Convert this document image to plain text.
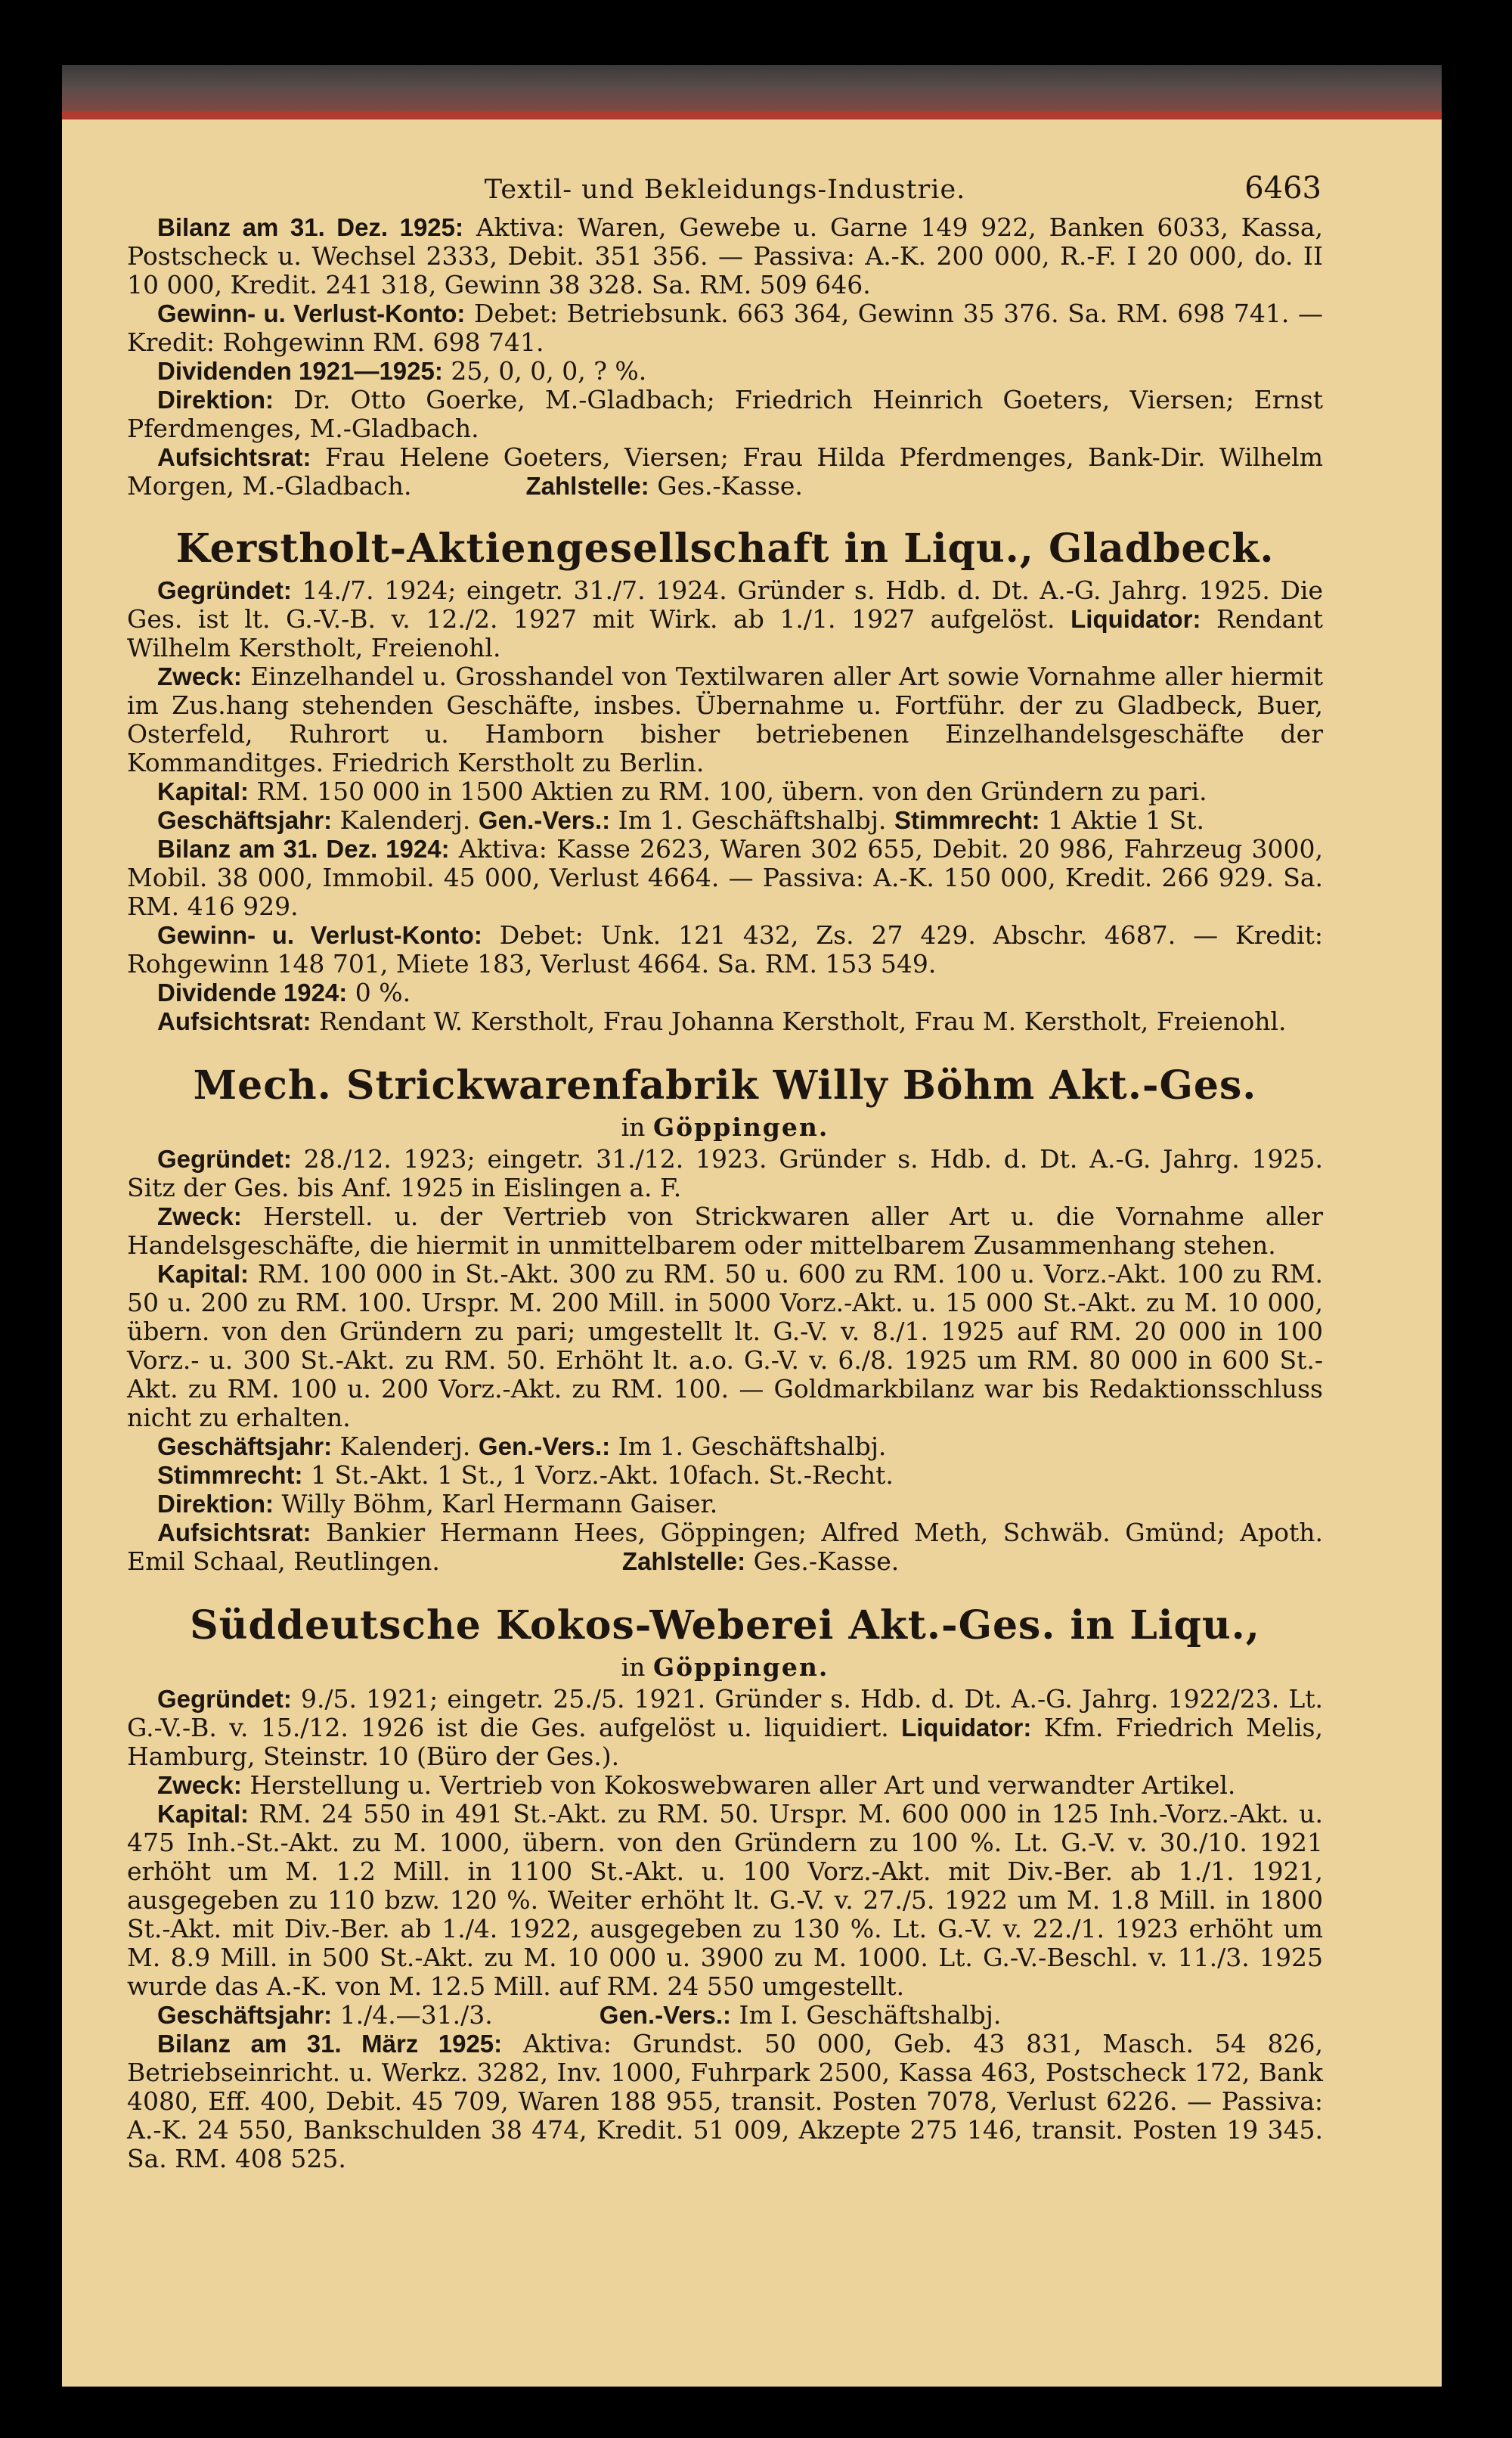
Textil- und Bekleidungs-Industrie.	6463

Bilanz am 31. Dez. 1925: Aktiva: Waren, Gewebe u. Garne 149 922, Banken 6033, Kassa, Postscheck u. Wechsel 2333, Debit. 351 356. — Passiva: A.-K. 200 000, R.-F. I 20 000, do. II 10 000, Kredit. 241 318, Gewinn 38 328. Sa. RM. 509 646.

Gewinn- u. Verlust-Konto: Debet: Betriebsunk. 663 364, Gewinn 35 376. Sa. RM. 698 741. — Kredit: Rohgewinn RM. 698 741.

Dividenden 1921—1925: 25, 0, 0, 0, ? %.

Direktion: Dr. Otto Goerke, M.-Gladbach; Friedrich Heinrich Goeters, Viersen; Ernst Pferdmenges, M.-Gladbach.

Aufsichtsrat: Frau Helene Goeters, Viersen; Frau Hilda Pferdmenges, Bank-Dir. Wilhelm Morgen, M.-Gladbach.	Zahlstelle: Ges.-Kasse.

Kerstholt-Aktiengesellschaft in Liqu., Gladbeck.

Gegründet: 14./7. 1924; eingetr. 31./7. 1924. Gründer s. Hdb. d. Dt. A.-G. Jahrg. 1925. Die Ges. ist lt. G.-V.-B. v. 12./2. 1927 mit Wirk. ab 1./1. 1927 aufgelöst. Liquidator: Rendant Wilhelm Kerstholt, Freienohl.

Zweck: Einzelhandel u. Grosshandel von Textilwaren aller Art sowie Vornahme aller hiermit im Zus.hang stehenden Geschäfte, insbes. Übernahme u. Fortführ. der zu Gladbeck, Buer, Osterfeld, Ruhrort u. Hamborn bisher betriebenen Einzelhandelsgeschäfte der Kommanditges. Friedrich Kerstholt zu Berlin.

Kapital: RM. 150 000 in 1500 Aktien zu RM. 100, übern. von den Gründern zu pari.

Geschäftsjahr: Kalenderj. Gen.-Vers.: Im 1. Geschäftshalbj. Stimmrecht: 1 Aktie 1 St.

Bilanz am 31. Dez. 1924: Aktiva: Kasse 2623, Waren 302 655, Debit. 20 986, Fahrzeug 3000, Mobil. 38 000, Immobil. 45 000, Verlust 4664. — Passiva: A.-K. 150 000, Kredit. 266 929. Sa. RM. 416 929.

Gewinn- u. Verlust-Konto: Debet: Unk. 121 432, Zs. 27 429. Abschr. 4687. — Kredit: Rohgewinn 148 701, Miete 183, Verlust 4664. Sa. RM. 153 549.

Dividende 1924: 0 %.

Aufsichtsrat: Rendant W. Kerstholt, Frau Johanna Kerstholt, Frau M. Kerstholt, Freienohl.

Mech. Strickwarenfabrik Willy Böhm Akt.-Ges.
in Göppingen.

Gegründet: 28./12. 1923; eingetr. 31./12. 1923. Gründer s. Hdb. d. Dt. A.-G. Jahrg. 1925. Sitz der Ges. bis Anf. 1925 in Eislingen a. F.

Zweck: Herstell. u. der Vertrieb von Strickwaren aller Art u. die Vornahme aller Handelsgeschäfte, die hiermit in unmittelbarem oder mittelbarem Zusammenhang stehen.

Kapital: RM. 100 000 in St.-Akt. 300 zu RM. 50 u. 600 zu RM. 100 u. Vorz.-Akt. 100 zu RM. 50 u. 200 zu RM. 100. Urspr. M. 200 Mill. in 5000 Vorz.-Akt. u. 15 000 St.-Akt. zu M. 10 000, übern. von den Gründern zu pari; umgestellt lt. G.-V. v. 8./1. 1925 auf RM. 20 000 in 100 Vorz.- u. 300 St.-Akt. zu RM. 50. Erhöht lt. a.o. G.-V. v. 6./8. 1925 um RM. 80 000 in 600 St.-Akt. zu RM. 100 u. 200 Vorz.-Akt. zu RM. 100. — Goldmarkbilanz war bis Redaktionsschluss nicht zu erhalten.

Geschäftsjahr: Kalenderj. Gen.-Vers.: Im 1. Geschäftshalbj.

Stimmrecht: 1 St.-Akt. 1 St., 1 Vorz.-Akt. 10fach. St.-Recht.

Direktion: Willy Böhm, Karl Hermann Gaiser.

Aufsichtsrat: Bankier Hermann Hees, Göppingen; Alfred Meth, Schwäb. Gmünd; Apoth. Emil Schaal, Reutlingen.	Zahlstelle: Ges.-Kasse.

Süddeutsche Kokos-Weberei Akt.-Ges. in Liqu.,
in Göppingen.

Gegründet: 9./5. 1921; eingetr. 25./5. 1921. Gründer s. Hdb. d. Dt. A.-G. Jahrg. 1922/23. Lt. G.-V.-B. v. 15./12. 1926 ist die Ges. aufgelöst u. liquidiert. Liquidator: Kfm. Friedrich Melis, Hamburg, Steinstr. 10 (Büro der Ges.).

Zweck: Herstellung u. Vertrieb von Kokoswebwaren aller Art und verwandter Artikel.

Kapital: RM. 24 550 in 491 St.-Akt. zu RM. 50. Urspr. M. 600 000 in 125 Inh.-Vorz.-Akt. u. 475 Inh.-St.-Akt. zu M. 1000, übern. von den Gründern zu 100 %. Lt. G.-V. v. 30./10. 1921 erhöht um M. 1.2 Mill. in 1100 St.-Akt. u. 100 Vorz.-Akt. mit Div.-Ber. ab 1./1. 1921, ausgegeben zu 110 bzw. 120 %. Weiter erhöht lt. G.-V. v. 27./5. 1922 um M. 1.8 Mill. in 1800 St.-Akt. mit Div.-Ber. ab 1./4. 1922, ausgegeben zu 130 %. Lt. G.-V. v. 22./1. 1923 erhöht um M. 8.9 Mill. in 500 St.-Akt. zu M. 10 000 u. 3900 zu M. 1000. Lt. G.-V.-Beschl. v. 11./3. 1925 wurde das A.-K. von M. 12.5 Mill. auf RM. 24 550 umgestellt.

Geschäftsjahr: 1./4.—31./3.	Gen.-Vers.: Im I. Geschäftshalbj.

Bilanz am 31. März 1925: Aktiva: Grundst. 50 000, Geb. 43 831, Masch. 54 826, Betriebseinricht. u. Werkz. 3282, Inv. 1000, Fuhrpark 2500, Kassa 463, Postscheck 172, Bank 4080, Eff. 400, Debit. 45 709, Waren 188 955, transit. Posten 7078, Verlust 6226. — Passiva: A.-K. 24 550, Bankschulden 38 474, Kredit. 51 009, Akzepte 275 146, transit. Posten 19 345. Sa. RM. 408 525.
